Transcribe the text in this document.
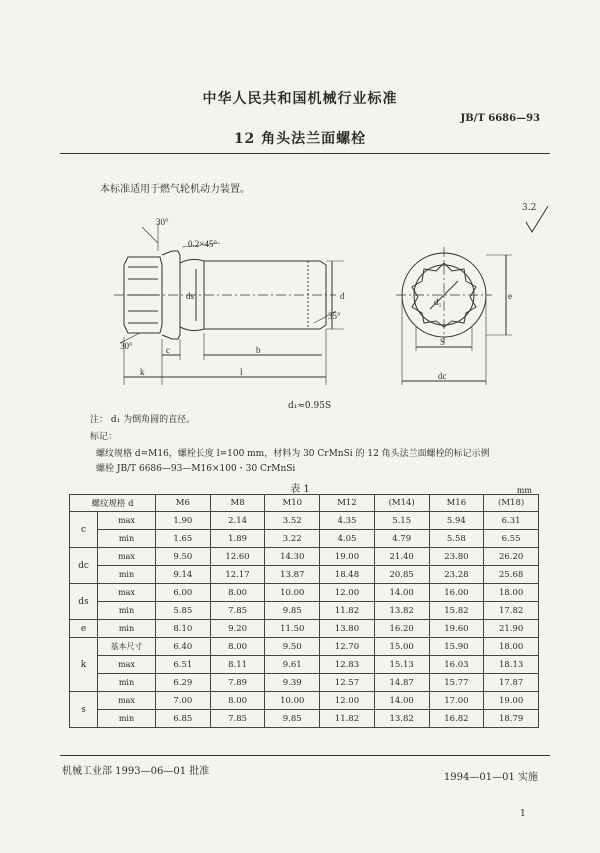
中华人民共和国机械行业标准
JB/T 6686—93
12 角头法兰面螺栓
本标准适用于燃气轮机动力装置。
3.2
30°
0.2×45°
30°
35°
c	b
k	l
ds	d	e
S
dc
d₁
d₁≈0.95S
注： d₁ 为倒角圆的直径。
标记：
螺纹规格 d=M16，螺栓长度 l=100 mm，材料为 30 CrMnSi 的 12 角头法兰面螺栓的标记示例
螺栓 JB/T 6686—93—M16×100・30 CrMnSi
表 1	mm
螺纹规格 d		M6	M8	M10	M12	(M14)	M16	(M18)
c	max	1.90	2.14	3.52	4.35	5.15	5.94	6.31
	min	1.65	1.89	3.22	4.05	4.79	5.58	6.55
dc	max	9.50	12.60	14.30	19.00	21.40	23.80	26.20
	min	9.14	12.17	13.87	18.48	20.85	23.28	25.68
ds	max	6.00	8.00	10.00	12.00	14.00	16.00	18.00
	min	5.85	7.85	9.85	11.82	13.82	15.82	17.82
e	min	8.10	9.20	11.50	13.80	16.20	19.60	21.90
k	基本尺寸	6.40	8.00	9.50	12.70	15.00	15.90	18.00
	max	6.51	8.11	9.61	12.83	15.13	16.03	18.13
	min	6.29	7.89	9.39	12.57	14.87	15.77	17.87
s	max	7.00	8.00	10.00	12.00	14.00	17.00	19.00
	min	6.85	7.85	9.85	11.82	13.82	16.82	18.79
机械工业部 1993—06—01 批准
1994—01—01 实施
1
